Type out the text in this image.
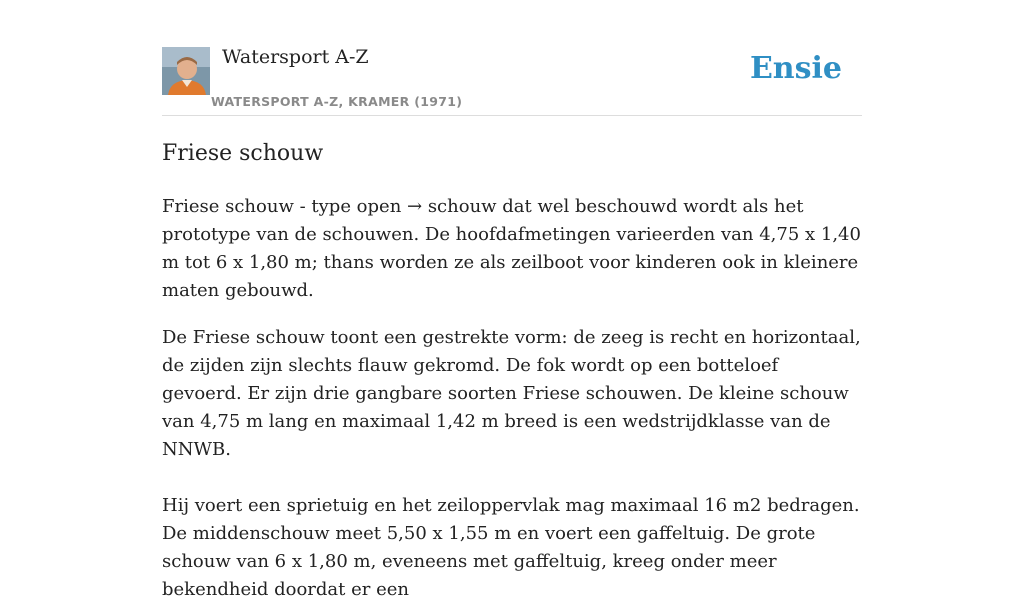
Watersport A-Z
WATERSPORT A-Z, KRAMER (1971)
Ensie
Friese schouw

Friese schouw - type open → schouw dat wel beschouwd wordt als het prototype van de schouwen. De hoofdafmetingen varieerden van 4,75 x 1,40 m tot 6 x 1,80 m; thans worden ze als zeilboot voor kinderen ook in kleinere maten gebouwd.

De Friese schouw toont een gestrekte vorm: de zeeg is recht en horizontaal, de zijden zijn slechts flauw gekromd. De fok wordt op een botteloef gevoerd. Er zijn drie gangbare soorten Friese schouwen. De kleine schouw van 4,75 m lang en maximaal 1,42 m breed is een wedstrijdklasse van de NNWB.

Hij voert een sprietuig en het zeiloppervlak mag maximaal 16 m2 bedragen. De middenschouw meet 5,50 x 1,55 m en voert een gaffeltuig. De grote schouw van 6 x 1,80 m, eveneens met gaffeltuig, kreeg onder meer bekendheid doordat er een
